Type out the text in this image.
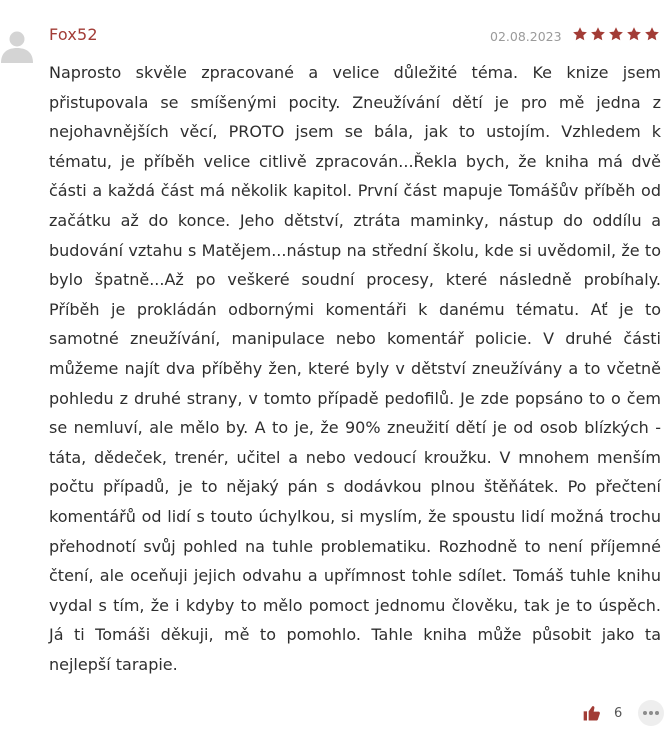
Fox52	02.08.2023

Naprosto skvěle zpracované a velice důležité téma. Ke knize jsem přistupovala se smíšenými pocity. Zneužívání dětí je pro mě jedna z nejohavnějších věcí, PROTO jsem se bála, jak to ustojím. Vzhledem k tématu, je příběh velice citlivě zpracován...Řekla bych, že kniha má dvě části a každá část má několik kapitol. První část mapuje Tomášův příběh od začátku až do konce. Jeho dětství, ztráta maminky, nástup do oddílu a budování vztahu s Matějem...nástup na střední školu, kde si uvědomil, že to bylo špatně...Až po veškeré soudní procesy, které následně probíhaly. Příběh je prokládán odbornými komentáři k danému tématu. Ať je to samotné zneužívání, manipulace nebo komentář policie. V druhé části můžeme najít dva příběhy žen, které byly v dětství zneužívány a to včetně pohledu z druhé strany, v tomto případě pedofilů. Je zde popsáno to o čem se nemluví, ale mělo by. A to je, že 90% zneužití dětí je od osob blízkých - táta, dědeček, trenér, učitel a nebo vedoucí kroužku. V mnohem menším počtu případů, je to nějaký pán s dodávkou plnou štěňátek. Po přečtení komentářů od lidí s touto úchylkou, si myslím, že spoustu lidí možná trochu přehodnotí svůj pohled na tuhle problematiku. Rozhodně to není příjemné čtení, ale oceňuji jejich odvahu a upřímnost tohle sdílet. Tomáš tuhle knihu vydal s tím, že i kdyby to mělo pomoct jednomu člověku, tak je to úspěch. Já ti Tomáši děkuji, mě to pomohlo. Tahle kniha může působit jako ta nejlepší tarapie.

6
